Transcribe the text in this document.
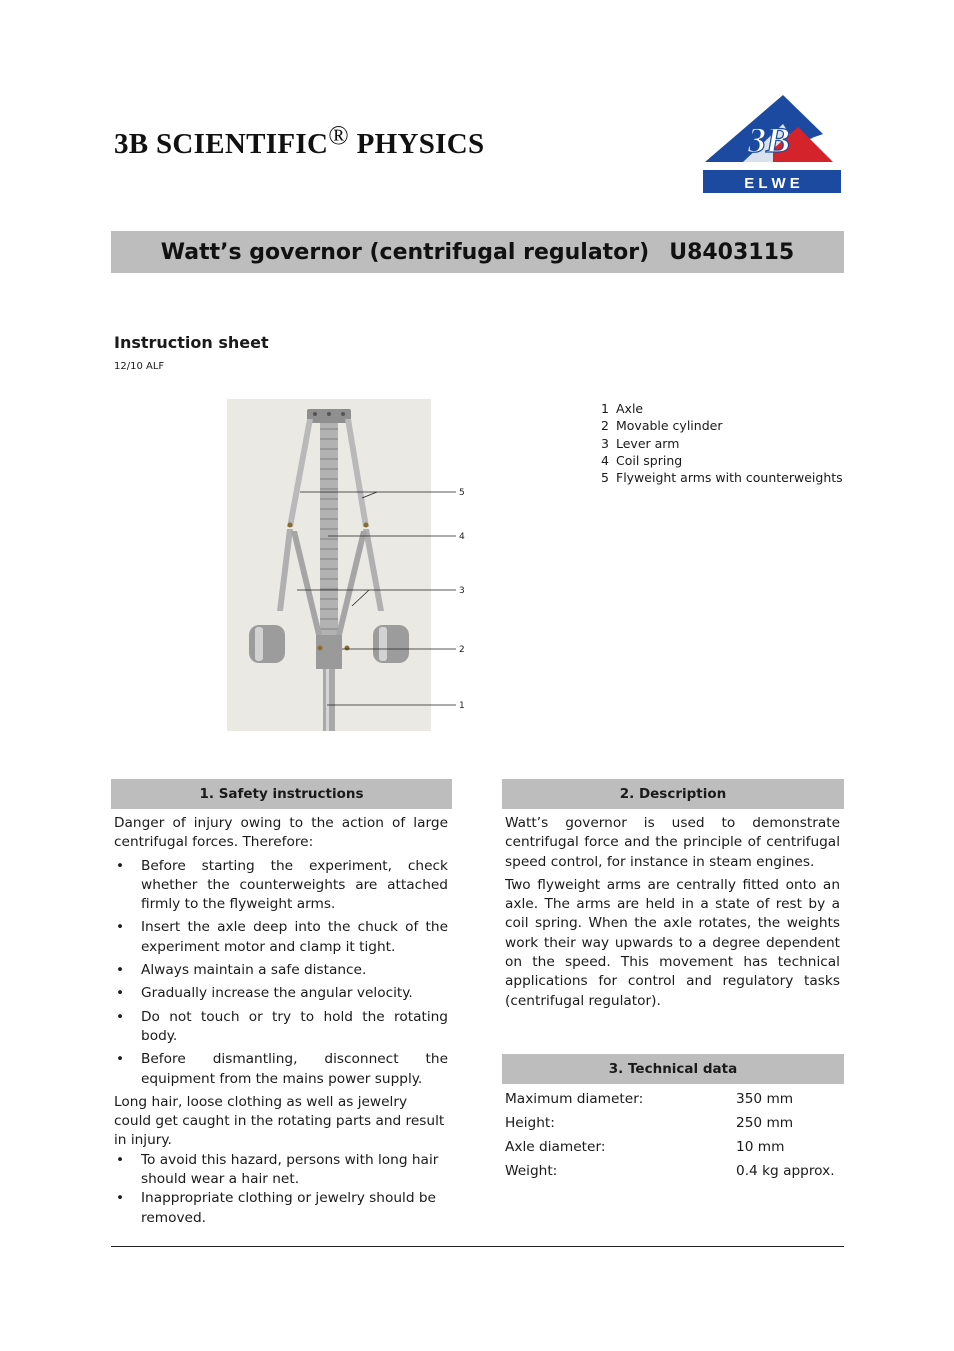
3B SCIENTIFIC® PHYSICS	3B ®
E L W E
Watt’s governor (centrifugal regulator) U8403115
Instruction sheet
12/10 ALF
5
4
3
2
1
1 Axle
2 Movable cylinder
3 Lever arm
4 Coil spring
5 Flyweight arms with counterweights
1. Safety instructions

Danger of injury owing to the action of large centrifugal forces. Therefore:

• Before starting the experiment, check whether the counterweights are attached firmly to the flyweight arms.
• Insert the axle deep into the chuck of the experiment motor and clamp it tight.
• Always maintain a safe distance.
• Gradually increase the angular velocity.
• Do not touch or try to hold the rotating body.
• Before dismantling, disconnect the equipment from the mains power supply.

Long hair, loose clothing as well as jewelry could get caught in the rotating parts and result in injury.

• To avoid this hazard, persons with long hair should wear a hair net.
• Inappropriate clothing or jewelry should be removed.
2. Description

Watt’s governor is used to demonstrate centrifugal force and the principle of centrifugal speed control, for instance in steam engines.

Two flyweight arms are centrally fitted onto an axle. The arms are held in a state of rest by a coil spring. When the axle rotates, the weights work their way upwards to a degree dependent on the speed. This movement has technical applications for control and regulatory tasks (centrifugal regulator).

3. Technical data
Maximum diameter:	350 mm
Height:	250 mm
Axle diameter:	10 mm
Weight:	0.4 kg approx.
